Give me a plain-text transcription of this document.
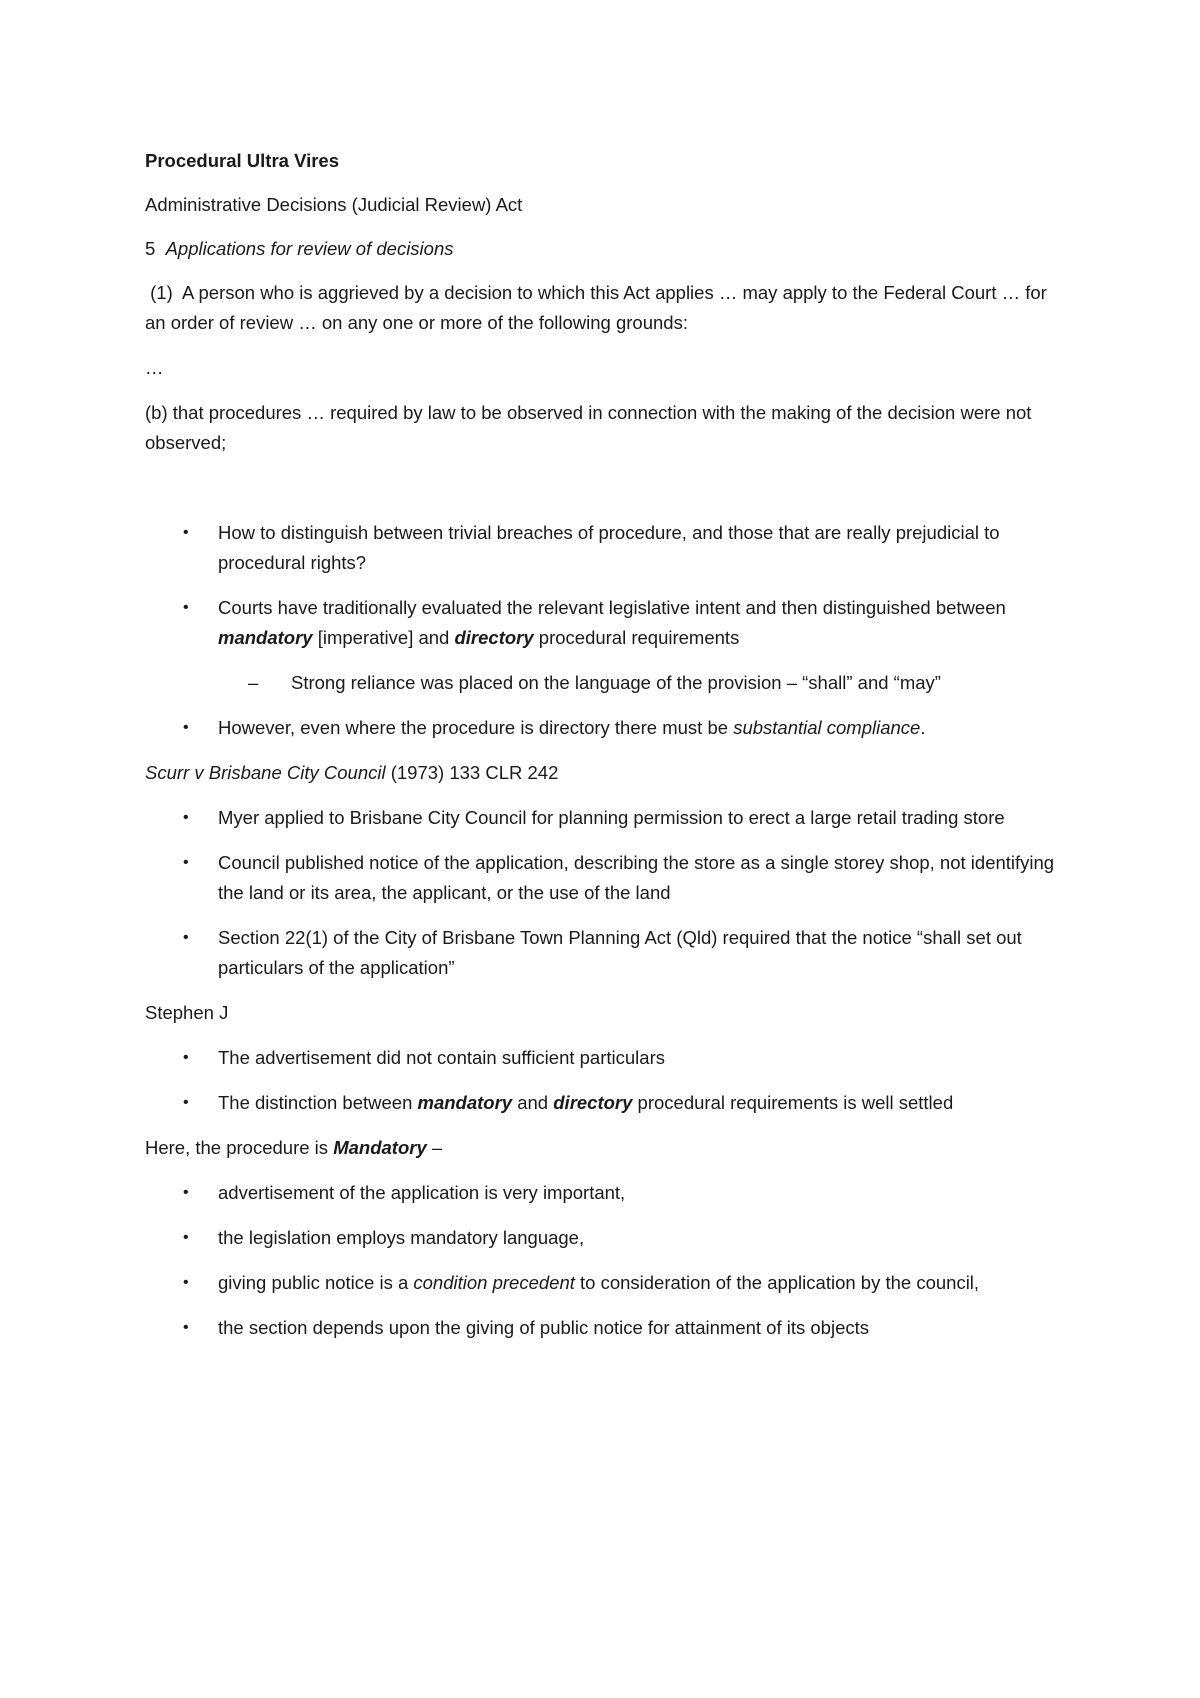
Procedural Ultra Vires

Administrative Decisions (Judicial Review) Act

5 Applications for review of decisions

(1) A person who is aggrieved by a decision to which this Act applies … may apply to the Federal Court … for an order of review … on any one or more of the following grounds:

…

(b) that procedures … required by law to be observed in connection with the making of the decision were not observed;

• How to distinguish between trivial breaches of procedure, and those that are really prejudicial to procedural rights?
• Courts have traditionally evaluated the relevant legislative intent and then distinguished between mandatory [imperative] and directory procedural requirements
– Strong reliance was placed on the language of the provision – “shall” and “may”
• However, even where the procedure is directory there must be substantial compliance.

Scurr v Brisbane City Council (1973) 133 CLR 242

• Myer applied to Brisbane City Council for planning permission to erect a large retail trading store
• Council published notice of the application, describing the store as a single storey shop, not identifying the land or its area, the applicant, or the use of the land
• Section 22(1) of the City of Brisbane Town Planning Act (Qld) required that the notice “shall set out particulars of the application”

Stephen J

• The advertisement did not contain sufficient particulars
• The distinction between mandatory and directory procedural requirements is well settled

Here, the procedure is Mandatory –

• advertisement of the application is very important,
• the legislation employs mandatory language,
• giving public notice is a condition precedent to consideration of the application by the council,
• the section depends upon the giving of public notice for attainment of its objects
